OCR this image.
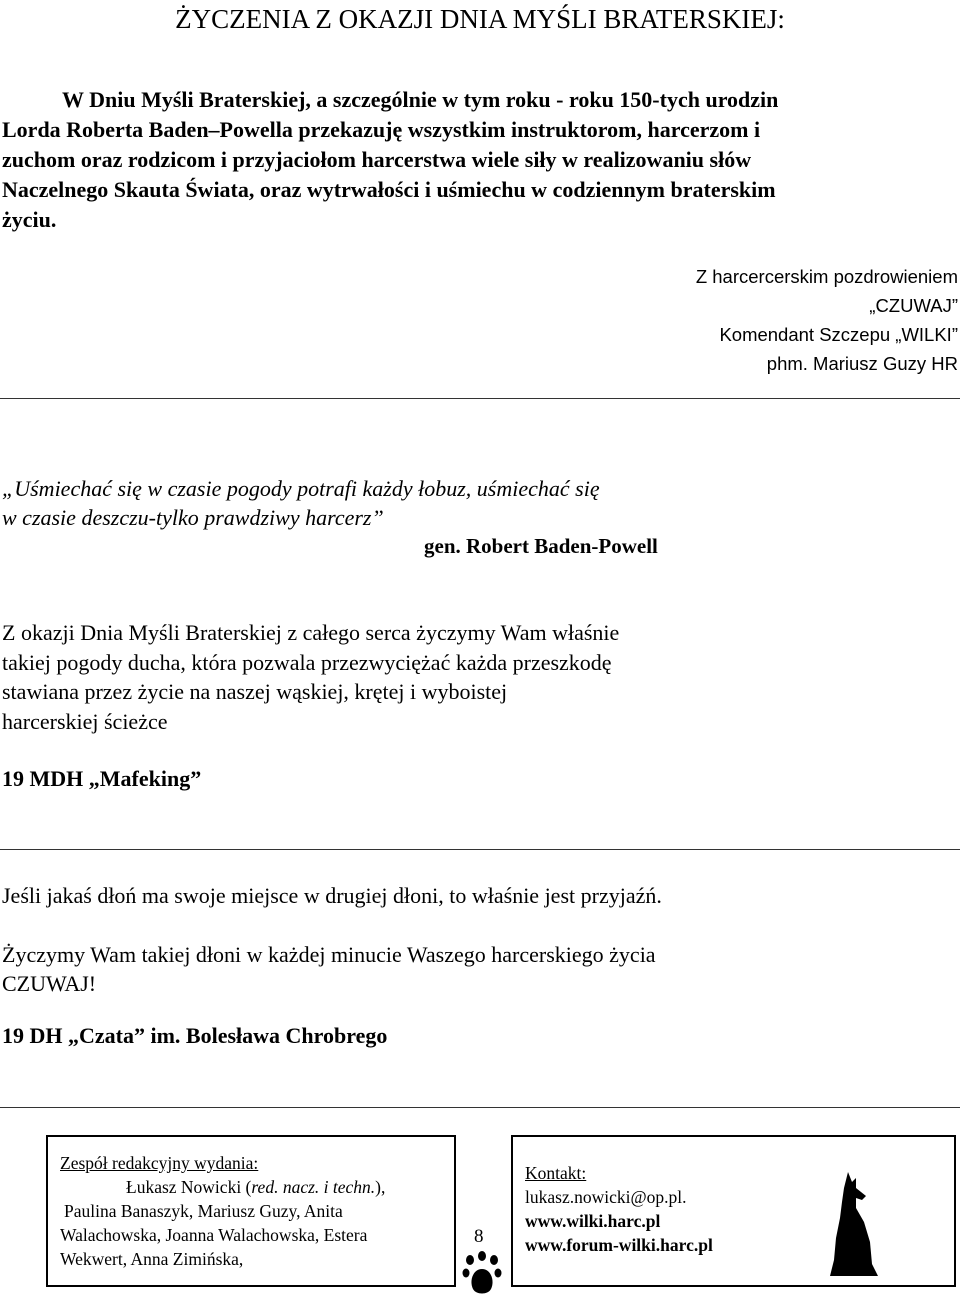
ŻYCZENIA Z OKAZJI DNIA MYŚLI BRATERSKIEJ:
W Dniu Myśli Braterskiej, a szczególnie w tym roku - roku 150-tych urodzin
Lorda Roberta Baden–Powella przekazuję wszystkim instruktorom, harcerzom i
zuchom oraz rodzicom i przyjaciołom harcerstwa wiele siły w realizowaniu słów
Naczelnego Skauta Świata, oraz wytrwałości i uśmiechu w codziennym braterskim
życiu.
Z harcercerskim pozdrowieniem
„CZUWAJ”
Komendant Szczepu „WILKI”
phm. Mariusz Guzy HR
„Uśmiechać się w czasie pogody potrafi każdy łobuz, uśmiechać się
w czasie deszczu-tylko prawdziwy harcerz”
gen. Robert Baden-Powell
Z okazji Dnia Myśli Braterskiej z całego serca życzymy Wam właśnie
takiej pogody ducha, która pozwala przezwyciężać każda przeszkodę
stawiana przez życie na naszej wąskiej, krętej i wyboistej
harcerskiej ścieżce
19 MDH „Mafeking”
Jeśli jakaś dłoń ma swoje miejsce w drugiej dłoni, to właśnie jest przyjaźń.
Życzymy Wam takiej dłoni w każdej minucie Waszego harcerskiego życia
CZUWAJ!
19 DH „Czata” im. Bolesława Chrobrego
Zespół redakcyjny wydania:
Łukasz Nowicki (red. nacz. i techn.),
Paulina Banaszyk, Mariusz Guzy, Anita
Walachowska, Joanna Walachowska, Estera
Wekwert, Anna Zimińska,
Kontakt:
lukasz.nowicki@op.pl.
www.wilki.harc.pl
www.forum-wilki.harc.pl
8
